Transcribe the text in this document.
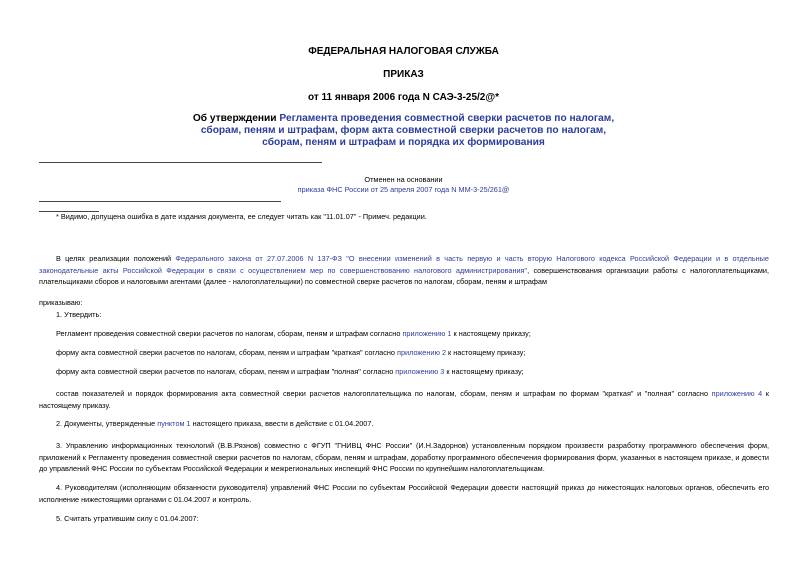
ФЕДЕРАЛЬНАЯ НАЛОГОВАЯ СЛУЖБА
ПРИКАЗ
от 11 января 2006 года N САЭ-3-25/2@*
Об утверждении Регламента проведения совместной сверки расчетов по налогам, сборам, пеням и штрафам, форм акта совместной сверки расчетов по налогам, сборам, пеням и штрафам и порядка их формирования
Отменен на основании
приказа ФНС России от 25 апреля 2007 года N ММ-3-25/261@
* Видимо, допущена ошибка в дате издания документа, ее следует читать как "11.01.07" - Примеч. редакции.
В целях реализации положений Федерального закона от 27.07.2006 N 137-ФЗ "О внесении изменений в часть первую и часть вторую Налогового кодекса Российской Федерации и в отдельные законодательные акты Российской Федерации в связи с осуществлением мер по совершенствованию налогового администрирования", совершенствования организации работы с налогоплательщиками, плательщиками сборов и налоговыми агентами (далее - налогоплательщики) по совместной сверке расчетов по налогам, сборам, пеням и штрафам
приказываю:
1. Утвердить:
Регламент проведения совместной сверки расчетов по налогам, сборам, пеням и штрафам согласно приложению 1 к настоящему приказу;
форму акта совместной сверки расчетов по налогам, сборам, пеням и штрафам "краткая" согласно приложению 2 к настоящему приказу;
форму акта совместной сверки расчетов по налогам, сборам, пеням и штрафам "полная" согласно приложению 3 к настоящему приказу;
состав показателей и порядок формирования акта совместной сверки расчетов налогоплательщика по налогам, сборам, пеням и штрафам по формам "краткая" и "полная" согласно приложению 4 к настоящему приказу.
2. Документы, утвержденные пунктом 1 настоящего приказа, ввести в действие с 01.04.2007.
3. Управлению информационных технологий (В.В.Рязнов) совместно с ФГУП "ГНИВЦ ФНС России" (И.Н.Задорнов) установленным порядком произвести разработку программного обеспечения форм, приложений к Регламенту проведения совместной сверки расчетов по налогам, сборам, пеням и штрафам, доработку программного обеспечения формирования форм, указанных в настоящем приказе, и довести до управлений ФНС России по субъектам Российской Федерации и межрегиональных инспекций ФНС России по крупнейшим налогоплательщикам.
4. Руководителям (исполняющим обязанности руководителя) управлений ФНС России по субъектам Российской Федерации довести настоящий приказ до нижестоящих налоговых органов, обеспечить его исполнение нижестоящими органами с 01.04.2007 и контроль.
5. Считать утратившим силу с 01.04.2007:
